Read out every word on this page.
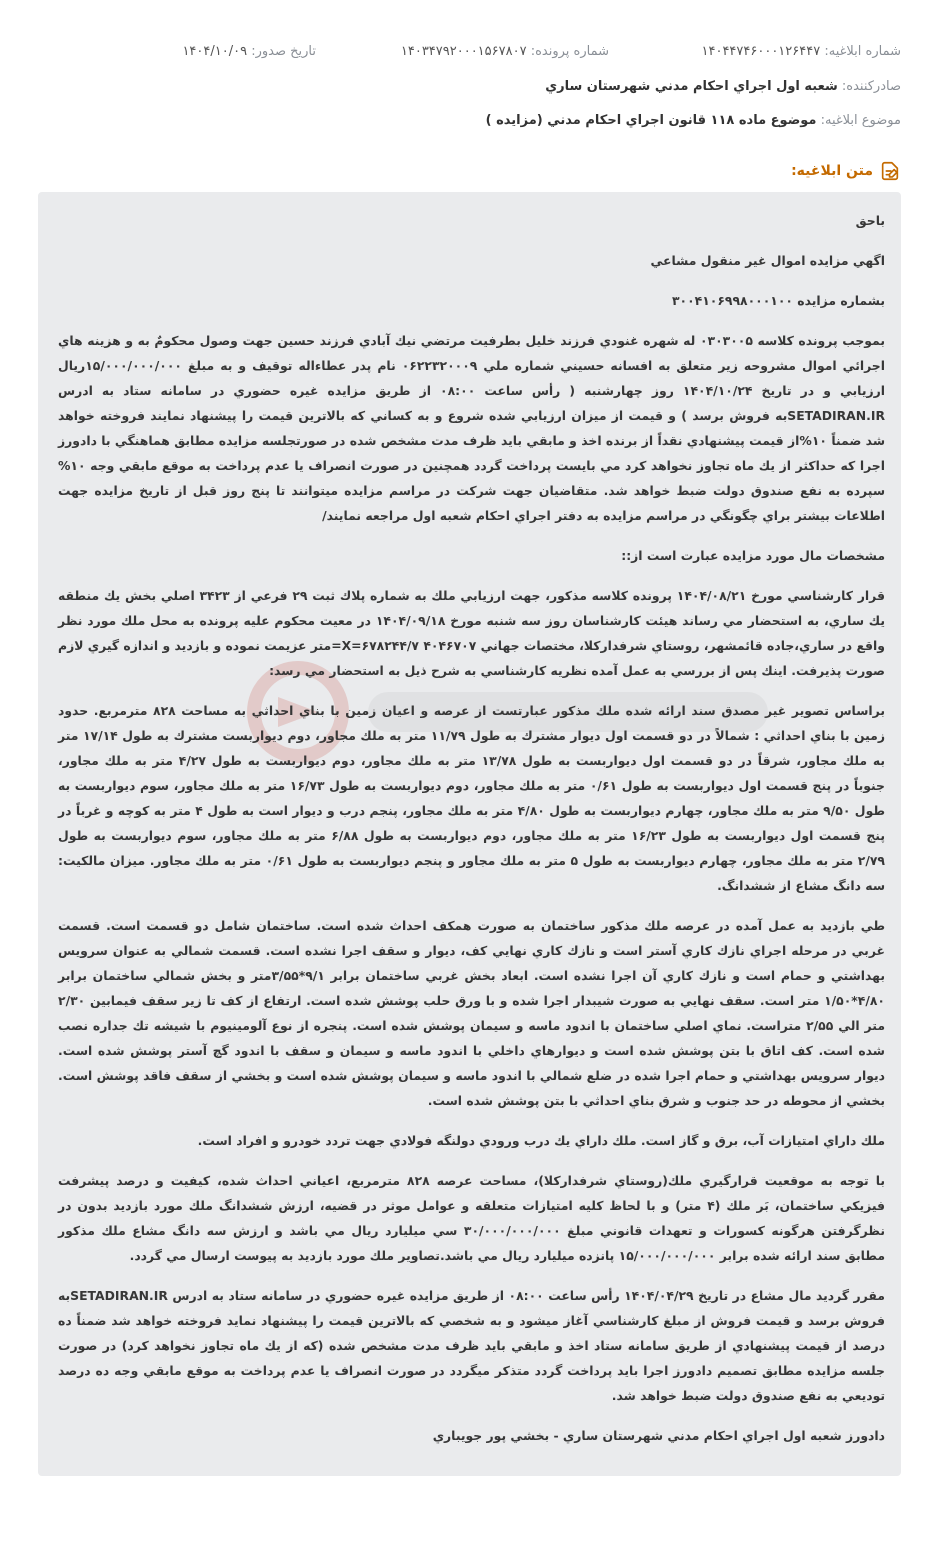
شماره ابلاغيه: ۱۴۰۴۴۷۴۶۰۰۰۱۲۶۴۴۷
شماره پرونده: ۱۴۰۳۴۷۹۲۰۰۰۱۵۶۷۸۰۷
تاريخ صدور: ۱۴۰۴/۱۰/۰۹
صادرکننده: شعبه اول اجراي احكام مدني شهرستان ساري
موضوع ابلاغيه: موضوع ماده ۱۱۸ قانون اجراي احکام مدني (مزايده )
متن ابلاغيه:

باحق

اگهي مزايده اموال غير منقول مشاعي

بشماره مزايده ۳۰۰۴۱۰۶۹۹۸۰۰۰۱۰۰

بموجب پرونده كلاسه ۰۳۰۳۰۰۵ له شهره غنودي فرزند خليل بطرفيت مرتضي نيك آبادي فرزند حسين جهت وصول محکومٌ به و هزينه هاي اجرائي اموال مشروحه زير متعلق به افسانه حسيني شماره ملي ۰۶۲۲۳۲۰۰۰۹ نام پدر عطاءاله توقيف و به مبلغ ۱۵/۰۰۰/۰۰۰/۰۰۰ريال ارزيابي و در تاريخ ۱۴۰۴/۱۰/۲۴ روز چهارشنبه ( رأس ساعت ۰۸:۰۰ از طريق مزايده غيره حضوري در سامانه ستاد به ادرس SETADIRAN.IRبه فروش برسد ) و قيمت از ميزان ارزيابي شده شروع و به كساني كه بالاترين قيمت را پيشنهاد نمايند فروخته خواهد شد ضمناً ۱۰%از قيمت پيشنهادي نقداً از برنده اخذ و مابقي بايد ظرف مدت مشخص شده در صورتجلسه مزايده مطابق هماهنگي با دادورز اجرا كه حداكثر از يك ماه تجاوز نخواهد كرد مي بايست پرداخت گردد همچنين در صورت انصراف يا عدم پرداخت به موقع مابقي وجه ۱۰% سپرده به نفع صندوق دولت ضبط خواهد شد. متقاضيان جهت شركت در مراسم مزايده ميتوانند تا پنج روز قبل از تاريخ مزايده جهت اطلاعات بيشتر براي چگونگي در مراسم مزايده به دفتر اجراي احكام شعبه اول مراجعه نمايند/

مشخصات مال مورد مزايده عبارت است از::

قرار كارشناسي مورخ ۱۴۰۴/۰۸/۲۱ پرونده كلاسه مذكور، جهت ارزيابي ملك به شماره پلاك ثبت ۲۹ فرعي از ۳۴۲۳ اصلي بخش يك منطقه يك ساري، به استحضار مي رساند هيئت كارشناسان روز سه شنبه مورخ ۱۴۰۴/۰۹/۱۸ در معيت محكوم عليه پرونده به محل ملك مورد نظر واقع در ساري،جاده قائمشهر، روستاي شرفدارکلا، مختصات جهاني ۴۰۴۶۷۰۷ X=۶۷۸۲۴۴/۷=متر عزيمت نموده و بازديد و اندازه گيري لازم صورت پذيرفت. اينك پس از بررسي به عمل آمده نظريه كارشناسي به شرح ذيل به استحضار مي رسد:

براساس تصوير غير مصدق سند ارائه شده ملك مذكور عبارتست از عرصه و اعيان زمين با بناي احداثي به مساحت ۸۲۸ مترمربع. حدود زمين با بناي احداثي : شمالاً در دو قسمت اول ديوار مشترك به طول ۱۱/۷۹ متر به ملك مجاور، دوم ديواربست مشترك به طول ۱۷/۱۴ متر به ملك مجاور، شرقاً در دو قسمت اول ديواربست به طول ۱۳/۷۸ متر به ملك مجاور، دوم ديواربست به طول ۴/۲۷ متر به ملك مجاور، جنوباً در پنج قسمت اول ديواربست به طول ۰/۶۱ متر به ملك مجاور، دوم ديواربست به طول ۱۶/۷۳ متر به ملك مجاور، سوم ديواربست به طول ۹/۵۰ متر به ملك مجاور، چهارم ديواربست به طول ۴/۸۰ متر به ملك مجاور، پنجم درب و ديوار است به طول ۴ متر به كوچه و غرباً در پنج قسمت اول ديواربست به طول ۱۶/۲۳ متر به ملك مجاور، دوم ديواربست به طول ۶/۸۸ متر به ملك مجاور، سوم ديواربست به طول ۲/۷۹ متر به ملك مجاور، چهارم ديواربست به طول ۵ متر به ملك مجاور و پنجم ديواربست به طول ۰/۶۱ متر به ملك مجاور. ميزان مالكيت: سه دانگ مشاع از ششدانگ.

طي بازديد به عمل آمده در عرصه ملك مذكور ساختمان به صورت همكف احداث شده است. ساختمان شامل دو قسمت است. قسمت غربي در مرحله اجراي نازك كاري آستر است و نازك كاري نهايي كف، ديوار و سقف اجرا نشده است. قسمت شمالي به عنوان سرويس بهداشتي و حمام است و نازك كاري آن اجرا نشده است. ابعاد بخش غربي ساختمان برابر ۹/۱*۳/۵۵متر و بخش شمالي ساختمان برابر ۴/۸۰*۱/۵۰ متر است. سقف نهايي به صورت شيبدار اجرا شده و با ورق حلب پوشش شده است. ارتفاع از كف تا زير سقف فيمابين ۲/۳۰ متر الي ۲/۵۵ متراست. نماي اصلي ساختمان با اندود ماسه و سيمان پوشش شده است. پنجره از نوع آلومينيوم با شيشه تك جداره نصب شده است. كف اتاق با بتن پوشش شده است و ديوارهاي داخلي با اندود ماسه و سيمان و سقف با اندود گچ آستر پوشش شده است. ديوار سرويس بهداشتي و حمام اجرا شده در ضلع شمالي با اندود ماسه و سيمان پوشش شده است و بخشي از سقف فاقد پوشش است. بخشي از محوطه در حد جنوب و شرق بناي احداثي با بتن پوشش شده است.

ملك داراي امتيازات آب، برق و گاز است. ملك داراي يك درب ورودي دولنگه فولادي جهت تردد خودرو و افراد است.

با توجه به موقعيت قرارگيري ملك(روستاي شرفدارکلا)، مساحت عرصه ۸۲۸ مترمربع، اعياني احداث شده، كيفيت و درصد پيشرفت فيزيكي ساختمان، بَر ملك (۴ متر) و با لحاظ كليه امتيازات متعلقه و عوامل موثر در قضيه، ارزش ششدانگ ملك مورد بازديد بدون در نظرگرفتن هرگونه كسورات و تعهدات قانوني مبلغ ۳۰/۰۰۰/۰۰۰/۰۰۰ سي ميليارد ريال مي باشد و ارزش سه دانگ مشاع ملك مذكور مطابق سند ارائه شده برابر ۱۵/۰۰۰/۰۰۰/۰۰۰ پانزده ميليارد ريال مي باشد.تصاوير ملك مورد بازديد به پيوست ارسال مي گردد.

مقرر گرديد مال مشاع در تاريخ ۱۴۰۴/۰۴/۲۹ رأس ساعت ۰۸:۰۰ از طريق مزايده غيره حضوري در سامانه ستاد به ادرس SETADIRAN.IRبه فروش برسد و قيمت فروش از مبلغ كارشناسي آغاز ميشود و به شخصي كه بالاترين قيمت را پيشنهاد نمايد فروخته خواهد شد ضمناً ده درصد از قيمت پيشنهادي از طريق سامانه ستاد اخذ و مابقي بايد ظرف مدت مشخص شده (كه از يك ماه تجاوز نخواهد كرد) در صورت جلسه مزايده مطابق تصميم دادورز اجرا بايد پرداخت گردد متذكر ميگردد در صورت انصراف يا عدم پرداخت به موقع مابقي وجه ده درصد توديعي به نفع صندوق دولت ضبط خواهد شد.

دادورز شعبه اول اجراي احكام مدني شهرستان ساري - بخشي پور جويباري
